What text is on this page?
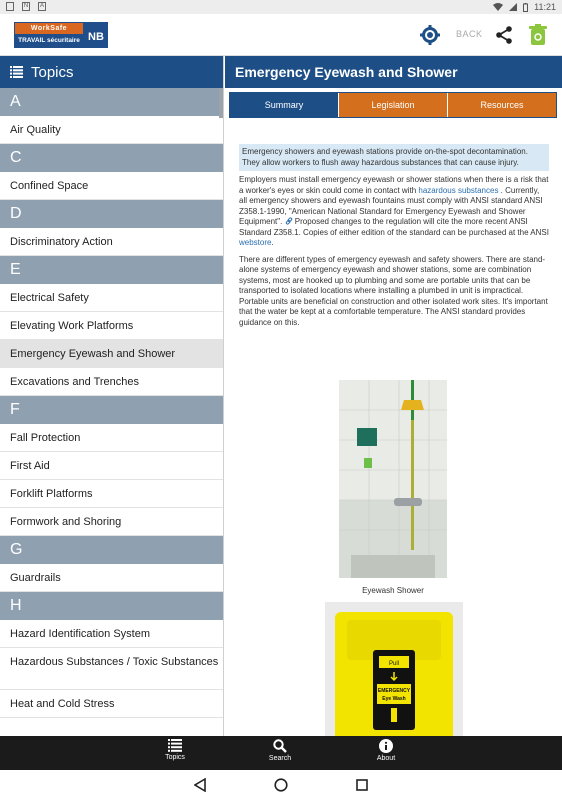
N	A	11:21
WorkSafe
TRAVAIL sécuritaire NB	BACK
Topics
A
Air Quality
C
Confined Space
D
Discriminatory Action
E
Electrical Safety
Elevating Work Platforms
Emergency Eyewash and Shower
Excavations and Trenches
F
Fall Protection
First Aid
Forklift Platforms
Formwork and Shoring
G
Guardrails
H
Hazard Identification System
Hazardous Substances / Toxic Substances
Heat and Cold Stress
Emergency Eyewash and Shower
Summary	Legislation	Resources
Emergency showers and eyewash stations provide on-the-spot decontamination. They allow workers to flush away hazardous substances that can cause injury.
Employers must install emergency eyewash or shower stations when there is a risk that a worker's eyes or skin could come in contact with hazardous substances . Currently, all emergency showers and eyewash fountains must comply with ANSI standard ANSI Z358.1-1990, "American National Standard for Emergency Eyewash and Shower Equipment".  Proposed changes to the regulation will cite the more recent ANSI Standard Z358.1. Copies of either edition of the standard can be purchased at the ANSI webstore.
There are different types of emergency eyewash and safety showers. There are stand-alone systems of emergency eyewash and shower stations, some are combination systems, most are hooked up to plumbing and some are portable units that can be transported to isolated locations where installing a plumbed in unit is impractical. Portable units are beneficial on construction and other isolated work sites. It's important that the water be kept at a comfortable temperature. The ANSI standard provides guidance on this.
Eyewash Shower
Pull
EMERGENCY
Eye Wash
Topics	Search	About
